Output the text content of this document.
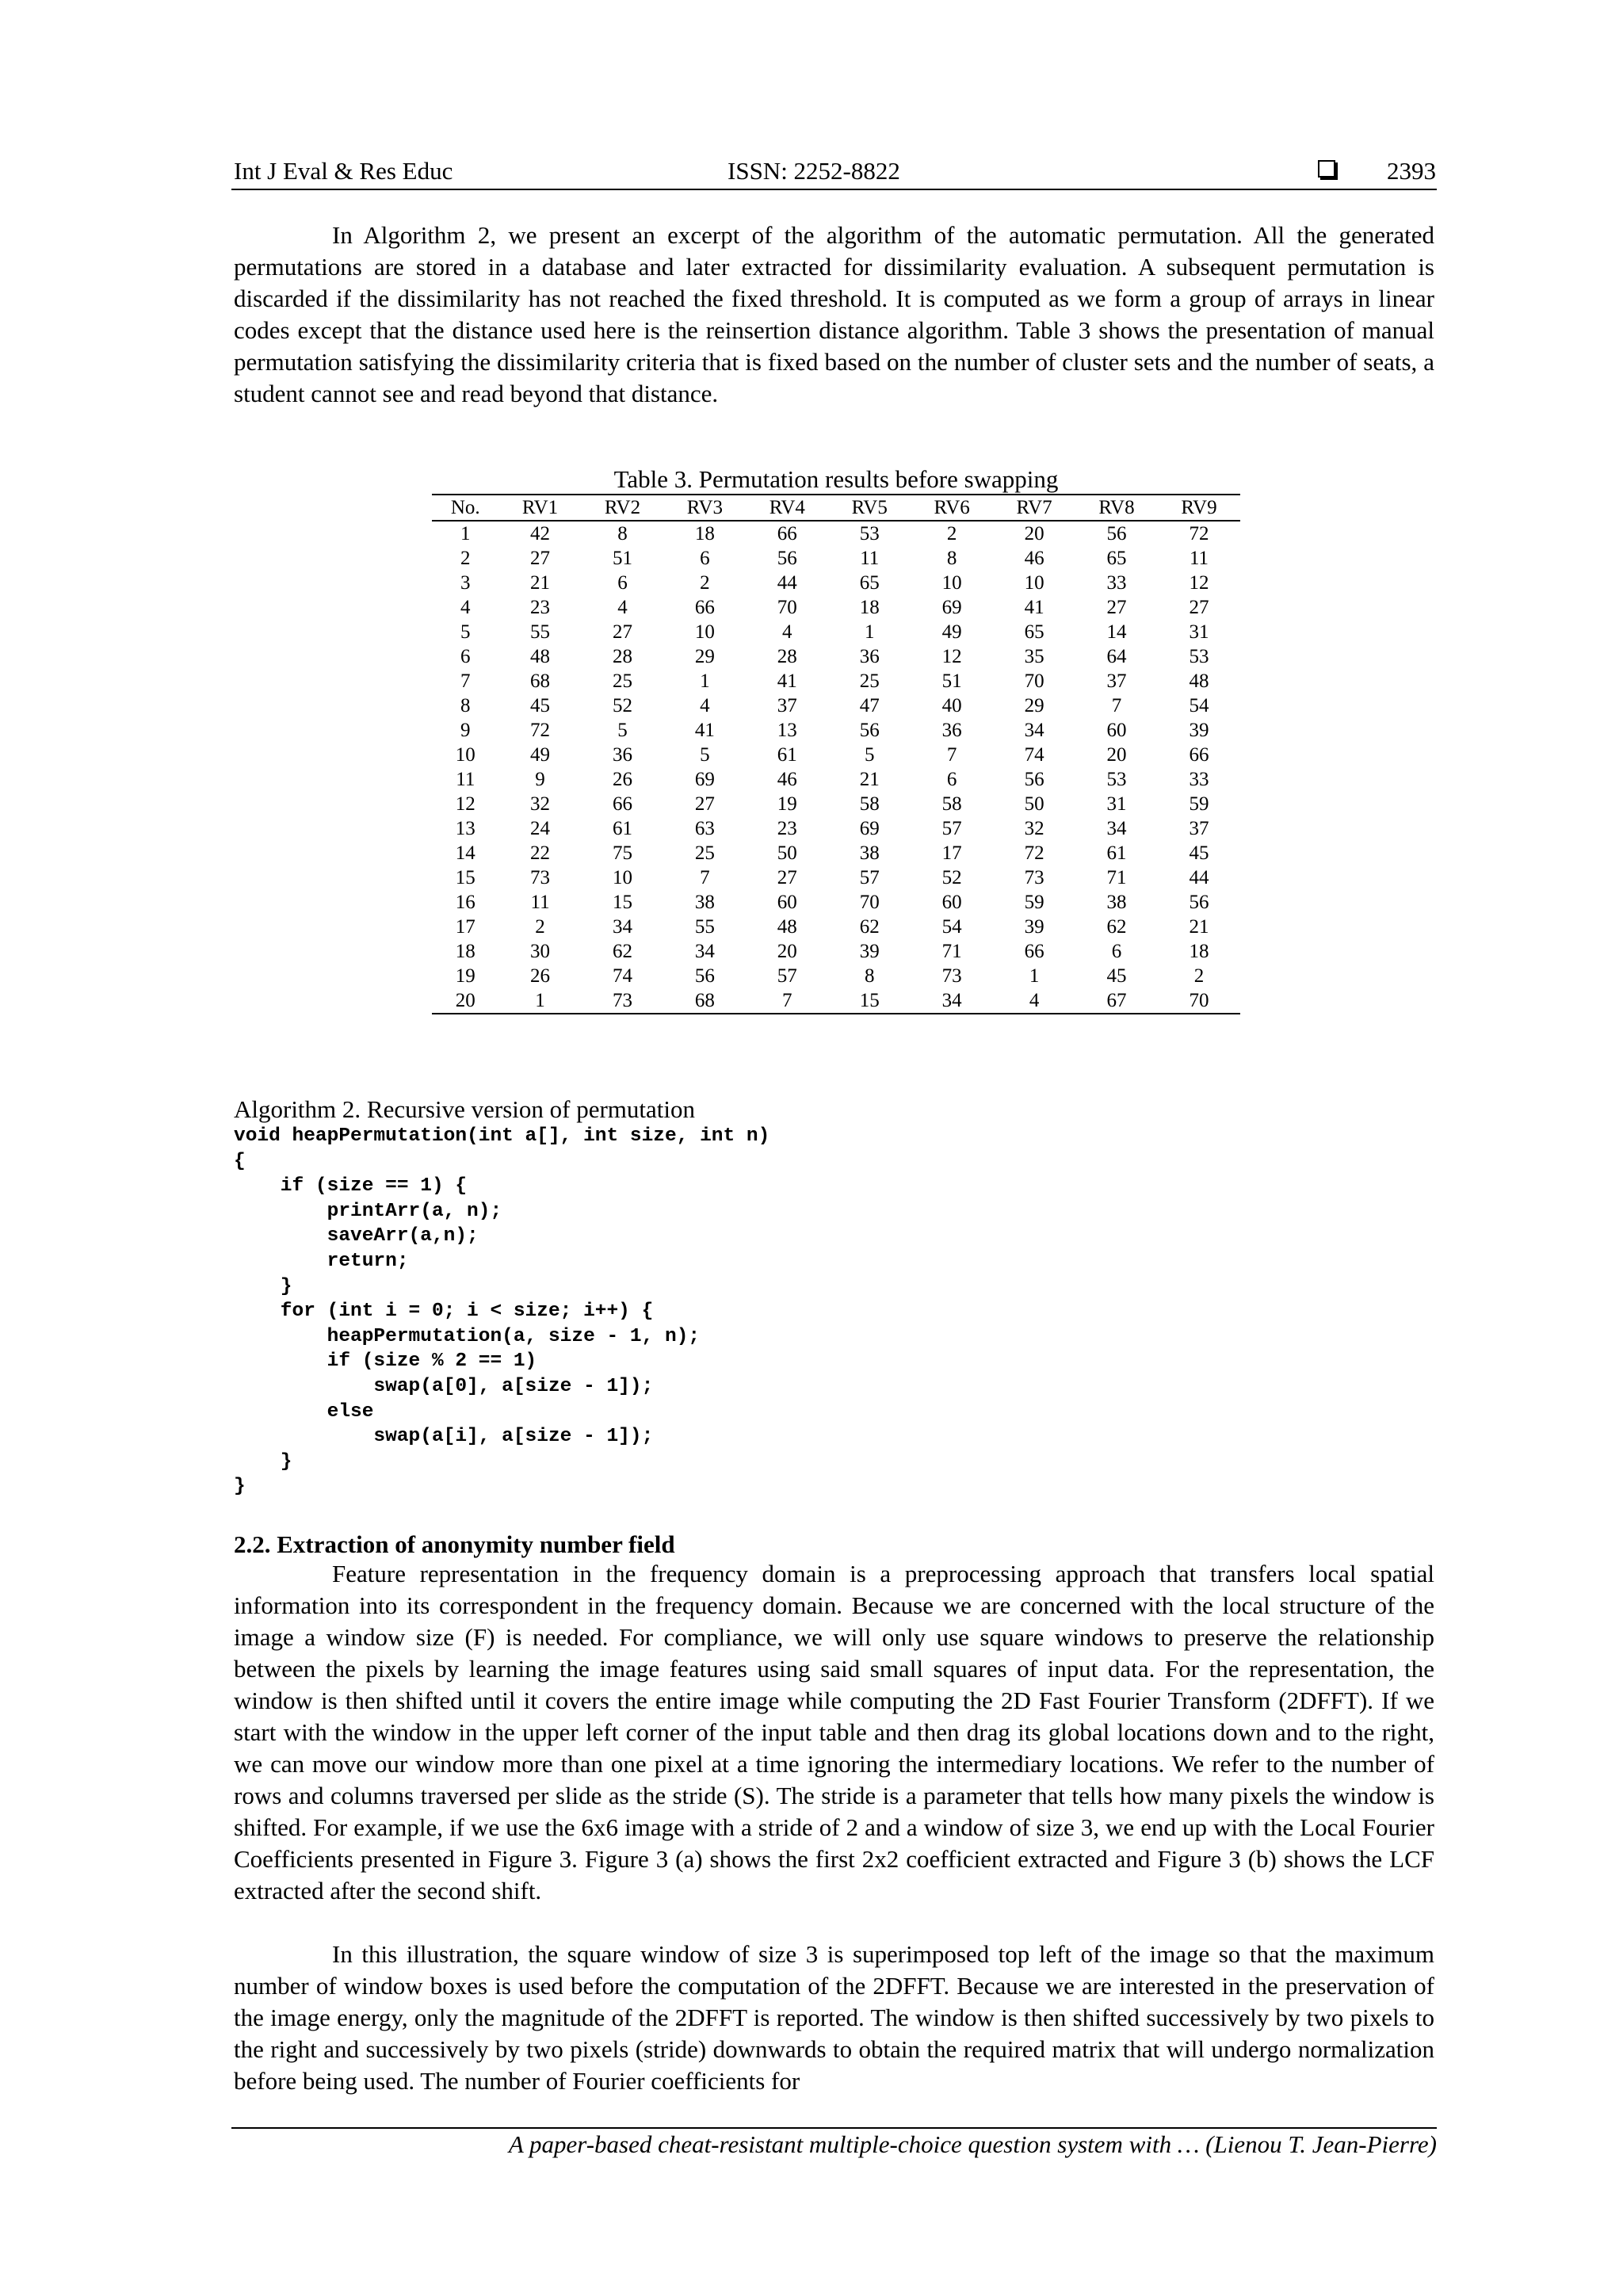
Int J Eval & Res Educ	ISSN: 2252-8822	2393

In Algorithm 2, we present an excerpt of the algorithm of the automatic permutation. All the generated permutations are stored in a database and later extracted for dissimilarity evaluation. A subsequent permutation is discarded if the dissimilarity has not reached the fixed threshold. It is computed as we form a group of arrays in linear codes except that the distance used here is the reinsertion distance algorithm. Table 3 shows the presentation of manual permutation satisfying the dissimilarity criteria that is fixed based on the number of cluster sets and the number of seats, a student cannot see and read beyond that distance.

Table 3. Permutation results before swapping
No.	RV1	RV2	RV3	RV4	RV5	RV6	RV7	RV8	RV9
1	42	8	18	66	53	2	20	56	72
2	27	51	6	56	11	8	46	65	11
3	21	6	2	44	65	10	10	33	12
4	23	4	66	70	18	69	41	27	27
5	55	27	10	4	1	49	65	14	31
6	48	28	29	28	36	12	35	64	53
7	68	25	1	41	25	51	70	37	48
8	45	52	4	37	47	40	29	7	54
9	72	5	41	13	56	36	34	60	39
10	49	36	5	61	5	7	74	20	66
11	9	26	69	46	21	6	56	53	33
12	32	66	27	19	58	58	50	31	59
13	24	61	63	23	69	57	32	34	37
14	22	75	25	50	38	17	72	61	45
15	73	10	7	27	57	52	73	71	44
16	11	15	38	60	70	60	59	38	56
17	2	34	55	48	62	54	39	62	21
18	30	62	34	20	39	71	66	6	18
19	26	74	56	57	8	73	1	45	2
20	1	73	68	7	15	34	4	67	70
Algorithm 2. Recursive version of permutation
void heapPermutation(int a[], int size, int n)
{
if (size == 1) {
printArr(a, n);
saveArr(a,n);
return;
}
for (int i = 0; i < size; i++) {
heapPermutation(a, size - 1, n);
if (size % 2 == 1)
swap(a[0], a[size - 1]);
else
swap(a[i], a[size - 1]);
}
}
2.2. Extraction of anonymity number field

Feature representation in the frequency domain is a preprocessing approach that transfers local spatial information into its correspondent in the frequency domain. Because we are concerned with the local structure of the image a window size (F) is needed. For compliance, we will only use square windows to preserve the relationship between the pixels by learning the image features using said small squares of input data. For the representation, the window is then shifted until it covers the entire image while computing the 2D Fast Fourier Transform (2DFFT). If we start with the window in the upper left corner of the input table and then drag its global locations down and to the right, we can move our window more than one pixel at a time ignoring the intermediary locations. We refer to the number of rows and columns traversed per slide as the stride (S). The stride is a parameter that tells how many pixels the window is shifted. For example, if we use the 6x6 image with a stride of 2 and a window of size 3, we end up with the Local Fourier Coefficients presented in Figure 3. Figure 3 (a) shows the first 2x2 coefficient extracted and Figure 3 (b) shows the LCF extracted after the second shift.

In this illustration, the square window of size 3 is superimposed top left of the image so that the maximum number of window boxes is used before the computation of the 2DFFT. Because we are interested in the preservation of the image energy, only the magnitude of the 2DFFT is reported. The window is then shifted successively by two pixels to the right and successively by two pixels (stride) downwards to obtain the required matrix that will undergo normalization before being used. The number of Fourier coefficients for

A paper-based cheat-resistant multiple-choice question system with … (Lienou T. Jean-Pierre)
